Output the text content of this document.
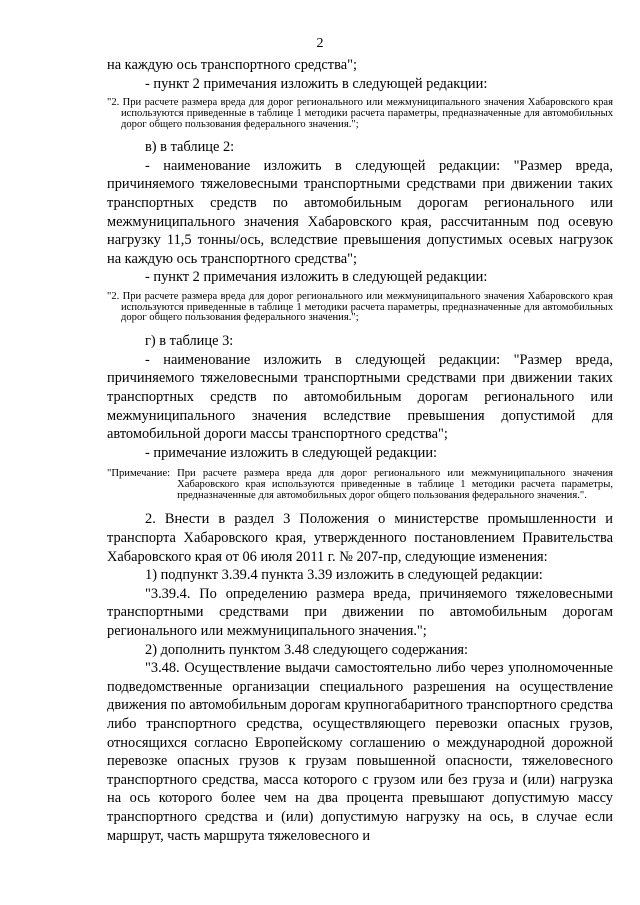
2

на каждую ось транспортного средства";

- пункт 2 примечания изложить в следующей редакции:

"2. При расчете размера вреда для дорог регионального или межмуниципального значения Хабаровского края используются приведенные в таблице 1 методики расчета параметры, предназначенные для автомобильных дорог общего пользования федерального значения.";

в) в таблице 2:

- наименование изложить в следующей редакции: "Размер вреда, причиняемого тяжеловесными транспортными средствами при движении таких транспортных средств по автомобильным дорогам регионального или межмуниципального значения Хабаровского края, рассчитанным под осевую нагрузку 11,5 тонны/ось, вследствие превышения допустимых осевых нагрузок на каждую ось транспортного средства";

- пункт 2 примечания изложить в следующей редакции:

"2. При расчете размера вреда для дорог регионального или межмуниципального значения Хабаровского края используются приведенные в таблице 1 методики расчета параметры, предназначенные для автомобильных дорог общего пользования федерального значения.";

г) в таблице 3:

- наименование изложить в следующей редакции: "Размер вреда, причиняемого тяжеловесными транспортными средствами при движении таких транспортных средств по автомобильным дорогам регионального или межмуниципального значения вследствие превышения допустимой для автомобильной дороги массы транспортного средства";

- примечание изложить в следующей редакции:

"Примечание: При расчете размера вреда для дорог регионального или межмуниципального значения Хабаровского края используются приведенные в таблице 1 методики расчета параметры, предназначенные для автомобильных дорог общего пользования федерального значения.".

2. Внести в раздел 3 Положения о министерстве промышленности и транспорта Хабаровского края, утвержденного постановлением Правительства Хабаровского края от 06 июля 2011 г. № 207-пр, следующие изменения:

1) подпункт 3.39.4 пункта 3.39 изложить в следующей редакции:

"3.39.4. По определению размера вреда, причиняемого тяжеловесными транспортными средствами при движении по автомобильным дорогам регионального или межмуниципального значения.";

2) дополнить пунктом 3.48 следующего содержания:

"3.48. Осуществление выдачи самостоятельно либо через уполномоченные подведомственные организации специального разрешения на осуществление движения по автомобильным дорогам крупногабаритного транспортного средства либо транспортного средства, осуществляющего перевозки опасных грузов, относящихся согласно Европейскому соглашению о международной дорожной перевозке опасных грузов к грузам повышенной опасности, тяжеловесного транспортного средства, масса которого с грузом или без груза и (или) нагрузка на ось которого более чем на два процента превышают допустимую массу транспортного средства и (или) допустимую нагрузку на ось, в случае если маршрут, часть маршрута тяжеловесного и
